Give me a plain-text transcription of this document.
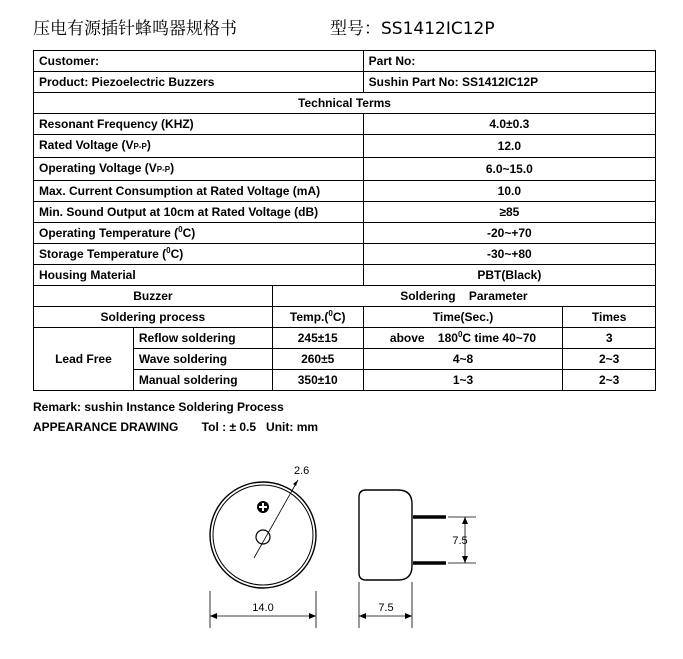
压电有源插针蜂鸣器规格书	型号：SS1412IC12P
Customer:			Part No:	
Product: Piezoelectric Buzzers			Sushin Part No: SS1412IC12P	
Technical Terms				
Resonant Frequency (KHZ)			4.0±0.3	
Rated Voltage (VP-P)			12.0	
Operating Voltage (VP-P)			6.0~15.0	
Max. Current Consumption at Rated Voltage (mA)			10.0	
Min. Sound Output at 10cm at Rated Voltage (dB)			≥85	
Operating Temperature ($^0$C)			-20~+70	
Storage Temperature ($^0$C)			-30~+80	
Housing Material			PBT(Black)	
Buzzer		Soldering    Parameter		
Soldering process		Temp.($^0$C)	Time(Sec.)	Times
Lead Free	Reflow soldering	245±15	above    $180^0C$ time 40~70	3
	Wave soldering	260±5	4~8	2~3
	Manual soldering	350±10	1~3	2~3
Remark: sushin Instance Soldering Process
APPEARANCE DRAWING       Tol : ± 0.5   Unit: mm
2.6
14.0
7.5
7.5
